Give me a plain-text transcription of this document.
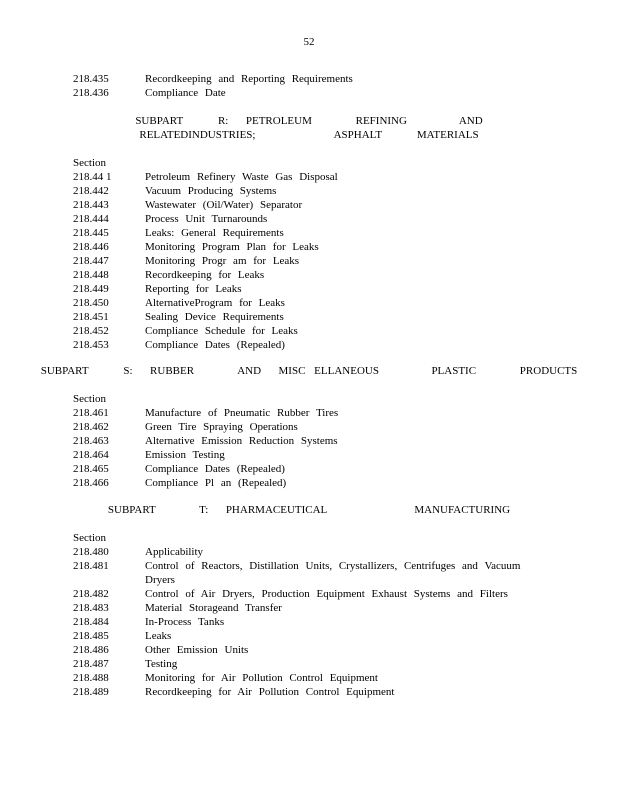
52
218.435	Recordkeeping and Reporting Requirements
218.436	Compliance Date
SUBPART    R:  PETROLEUM     REFINING      AND
RELATEDINDUSTRIES;         ASPHALT    MATERIALS
Section
218.44 1	Petroleum Refinery Waste Gas Disposal
218.442	Vacuum Producing Systems
218.443	Wastewater (Oil/Water) Separator
218.444	Process Unit Turnarounds
218.445	Leaks: General Requirements
218.446	Monitoring Program Plan for Leaks
218.447	Monitoring Progr am for Leaks
218.448	Recordkeeping for Leaks
218.449	Reporting for Leaks
218.450	AlternativeProgram for Leaks
218.451	Sealing Device Requirements
218.452	Compliance Schedule for Leaks
218.453	Compliance Dates (Repealed)
SUBPART    S:  RUBBER     AND  MISC ELLANEOUS      PLASTIC     PRODUCTS
Section
218.461	Manufacture of Pneumatic Rubber Tires
218.462	Green Tire Spraying Operations
218.463	Alternative Emission Reduction Systems
218.464	Emission Testing
218.465	Compliance Dates (Repealed)
218.466	Compliance Pl an (Repealed)
SUBPART     T:  PHARMACEUTICAL          MANUFACTURING
Section
218.480	Applicability
218.481	Control of Reactors, Distillation Units, Crystallizers, Centrifuges and Vacuum Dryers
218.482	Control of Air Dryers, Production Equipment Exhaust Systems and Filters
218.483	Material Storageand Transfer
218.484	In-Process Tanks
218.485	Leaks
218.486	Other Emission Units
218.487	Testing
218.488	Monitoring for Air Pollution Control Equipment
218.489	Recordkeeping for Air Pollution Control Equipment
